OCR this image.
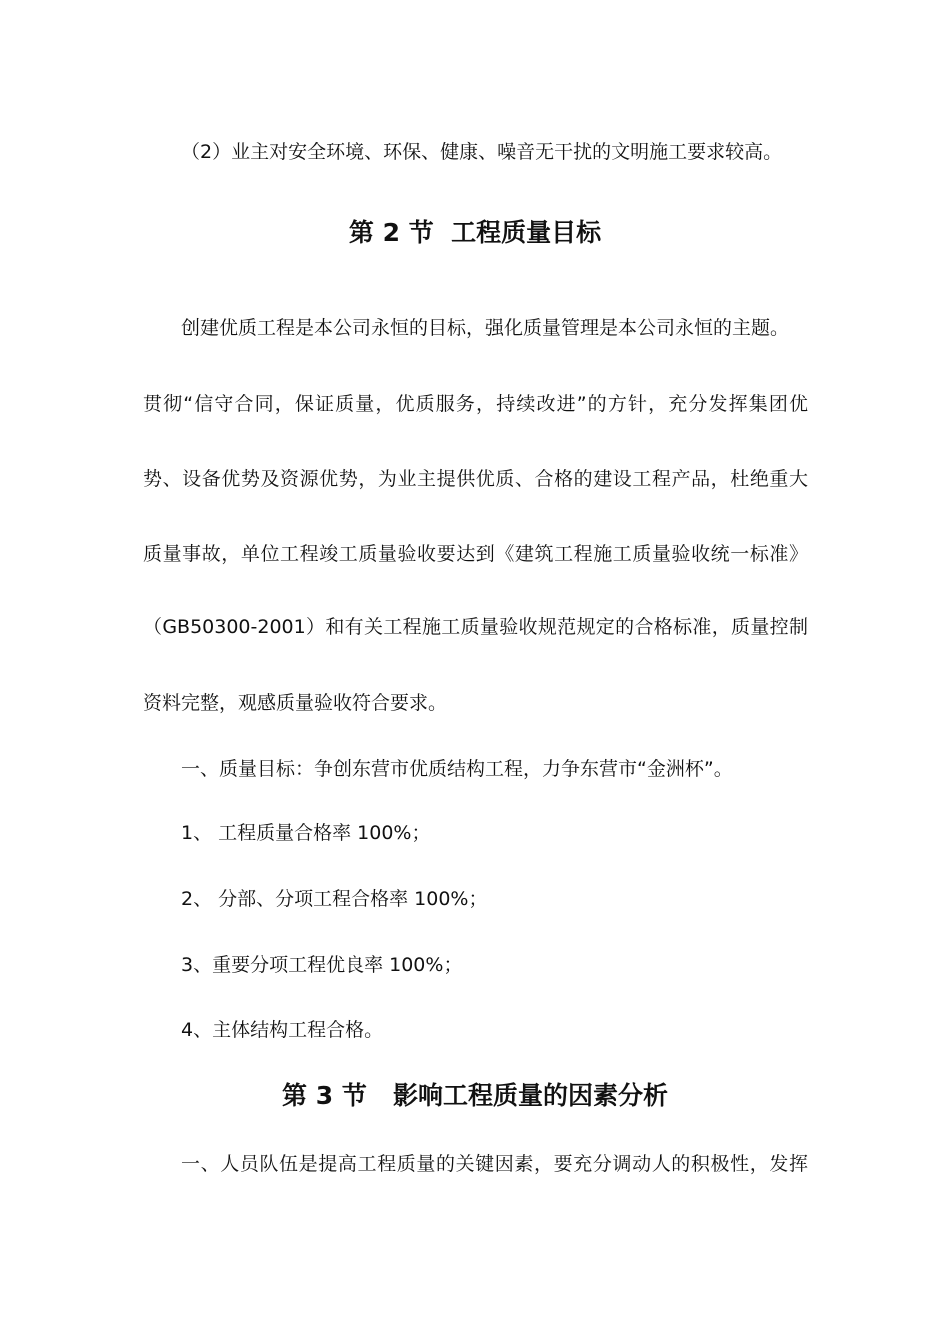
（2）业主对安全环境、环保、健康、噪音无干扰的文明施工要求较高。
第 2 节  工程质量目标
创建优质工程是本公司永恒的目标，强化质量管理是本公司永恒的主题。
贯彻“信守合同，保证质量，优质服务，持续改进”的方针，充分发挥集团优
势、设备优势及资源优势，为业主提供优质、合格的建设工程产品，杜绝重大
质量事故，单位工程竣工质量验收要达到《建筑工程施工质量验收统一标准》
（GB50300-2001）和有关工程施工质量验收规范规定的合格标准，质量控制
资料完整，观感质量验收符合要求。
一、质量目标：争创东营市优质结构工程，力争东营市“金洲杯”。
1、 工程质量合格率 100%；
2、 分部、分项工程合格率 100%；
3、重要分项工程优良率 100%；
4、主体结构工程合格。
第 3 节   影响工程质量的因素分析
一、人员队伍是提高工程质量的关键因素，要充分调动人的积极性，发挥
